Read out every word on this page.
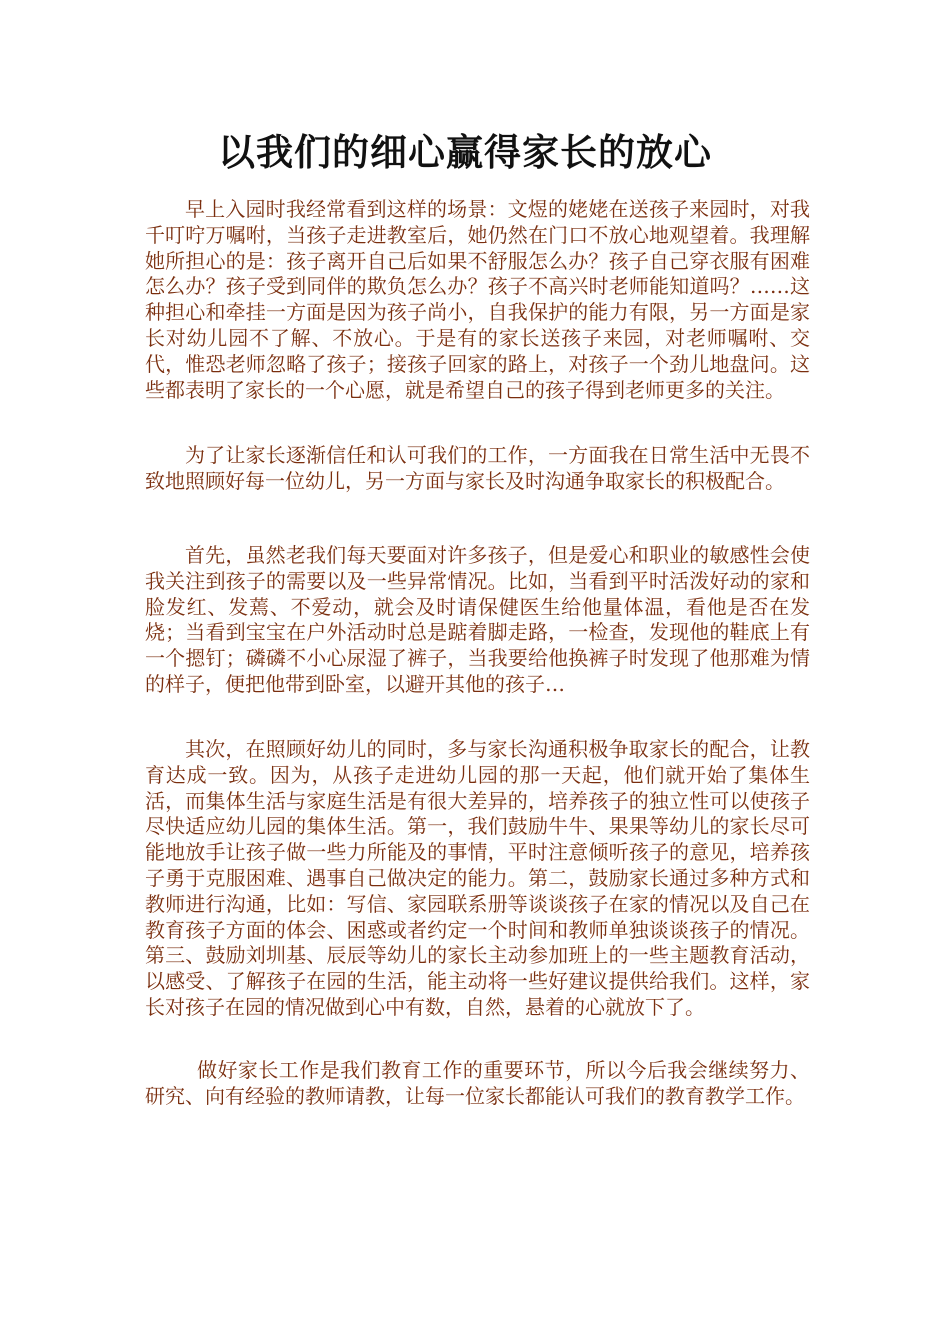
以我们的细心赢得家长的放心

早上入园时我经常看到这样的场景：文煜的姥姥在送孩子来园时，对我千叮咛万嘱咐，当孩子走进教室后，她仍然在门口不放心地观望着。我理解她所担心的是：孩子离开自己后如果不舒服怎么办？孩子自己穿衣服有困难怎么办？孩子受到同伴的欺负怎么办？孩子不高兴时老师能知道吗？……这种担心和牵挂一方面是因为孩子尚小，自我保护的能力有限，另一方面是家长对幼儿园不了解、不放心。于是有的家长送孩子来园，对老师嘱咐、交代，惟恐老师忽略了孩子；接孩子回家的路上，对孩子一个劲儿地盘问。这些都表明了家长的一个心愿，就是希望自己的孩子得到老师更多的关注。

为了让家长逐渐信任和认可我们的工作，一方面我在日常生活中无畏不致地照顾好每一位幼儿，另一方面与家长及时沟通争取家长的积极配合。

首先，虽然老我们每天要面对许多孩子，但是爱心和职业的敏感性会使我关注到孩子的需要以及一些异常情况。比如，当看到平时活泼好动的家和脸发红、发蔫、不爱动，就会及时请保健医生给他量体温，看他是否在发烧；当看到宝宝在户外活动时总是踮着脚走路，一检查，发现他的鞋底上有一个摁钉；磷磷不小心尿湿了裤子，当我要给他换裤子时发现了他那难为情的样子，便把他带到卧室，以避开其他的孩子…

其次，在照顾好幼儿的同时，多与家长沟通积极争取家长的配合，让教育达成一致。因为，从孩子走进幼儿园的那一天起，他们就开始了集体生活，而集体生活与家庭生活是有很大差异的，培养孩子的独立性可以使孩子尽快适应幼儿园的集体生活。第一，我们鼓励牛牛、果果等幼儿的家长尽可能地放手让孩子做一些力所能及的事情，平时注意倾听孩子的意见，培养孩子勇于克服困难、遇事自己做决定的能力。第二，鼓励家长通过多种方式和教师进行沟通，比如：写信、家园联系册等谈谈孩子在家的情况以及自己在教育孩子方面的体会、困惑或者约定一个时间和教师单独谈谈孩子的情况。第三、鼓励刘圳基、辰辰等幼儿的家长主动参加班上的一些主题教育活动，以感受、了解孩子在园的生活，能主动将一些好建议提供给我们。这样，家长对孩子在园的情况做到心中有数，自然，悬着的心就放下了。

做好家长工作是我们教育工作的重要环节，所以今后我会继续努力、研究、向有经验的教师请教，让每一位家长都能认可我们的教育教学工作。
